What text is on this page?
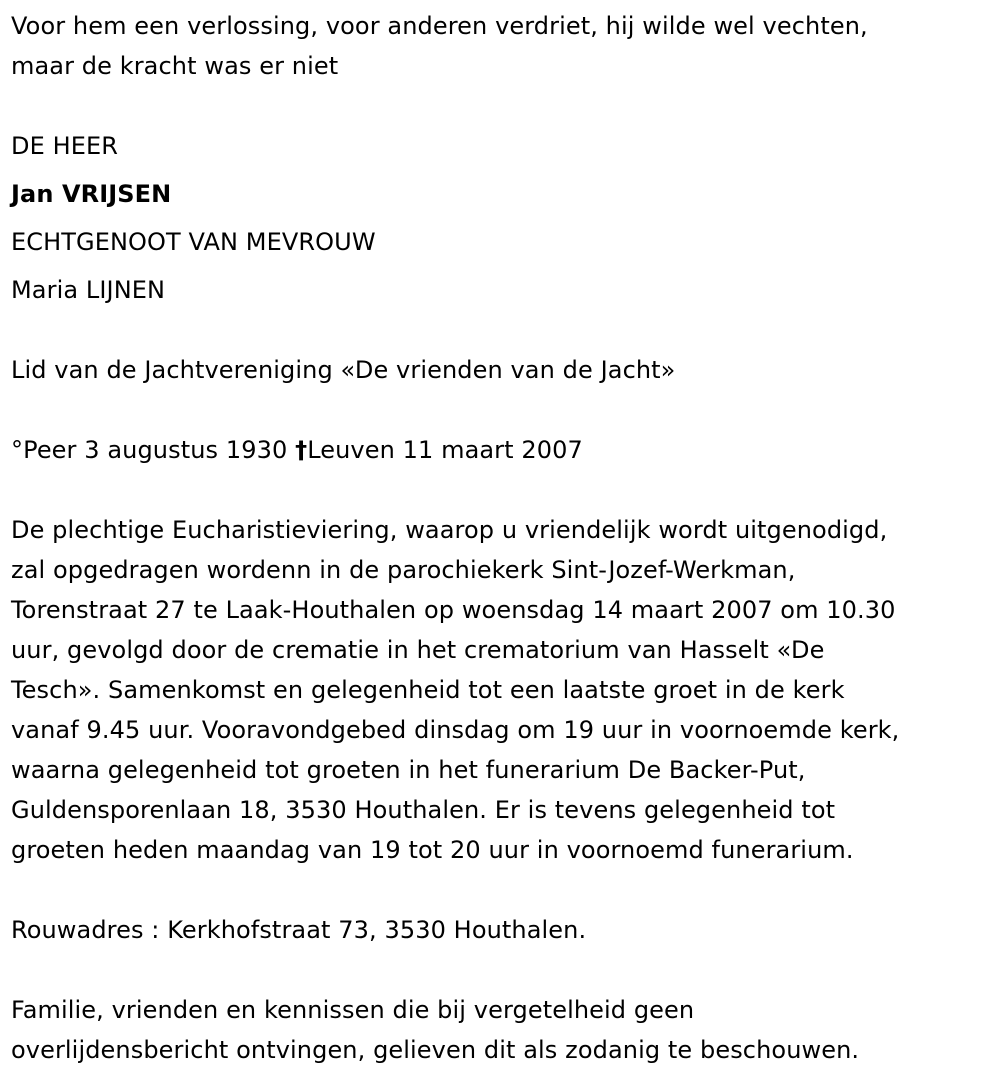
Voor hem een verlossing, voor anderen verdriet, hij wilde wel vechten,
maar de kracht was er niet
DE HEER
Jan VRIJSEN
ECHTGENOOT VAN MEVROUW
Maria LIJNEN
Lid van de Jachtvereniging «De vrienden van de Jacht»
°Peer 3 augustus 1930 †Leuven 11 maart 2007
De plechtige Eucharistieviering, waarop u vriendelijk wordt uitgenodigd,
zal opgedragen wordenn in de parochiekerk Sint-Jozef-Werkman,
Torenstraat 27 te Laak-Houthalen op woensdag 14 maart 2007 om 10.30
uur, gevolgd door de crematie in het crematorium van Hasselt «De
Tesch». Samenkomst en gelegenheid tot een laatste groet in de kerk
vanaf 9.45 uur. Vooravondgebed dinsdag om 19 uur in voornoemde kerk,
waarna gelegenheid tot groeten in het funerarium De Backer-Put,
Guldensporenlaan 18, 3530 Houthalen. Er is tevens gelegenheid tot
groeten heden maandag van 19 tot 20 uur in voornoemd funerarium.
Rouwadres : Kerkhofstraat 73, 3530 Houthalen.
Familie, vrienden en kennissen die bij vergetelheid geen
overlijdensbericht ontvingen, gelieven dit als zodanig te beschouwen.
